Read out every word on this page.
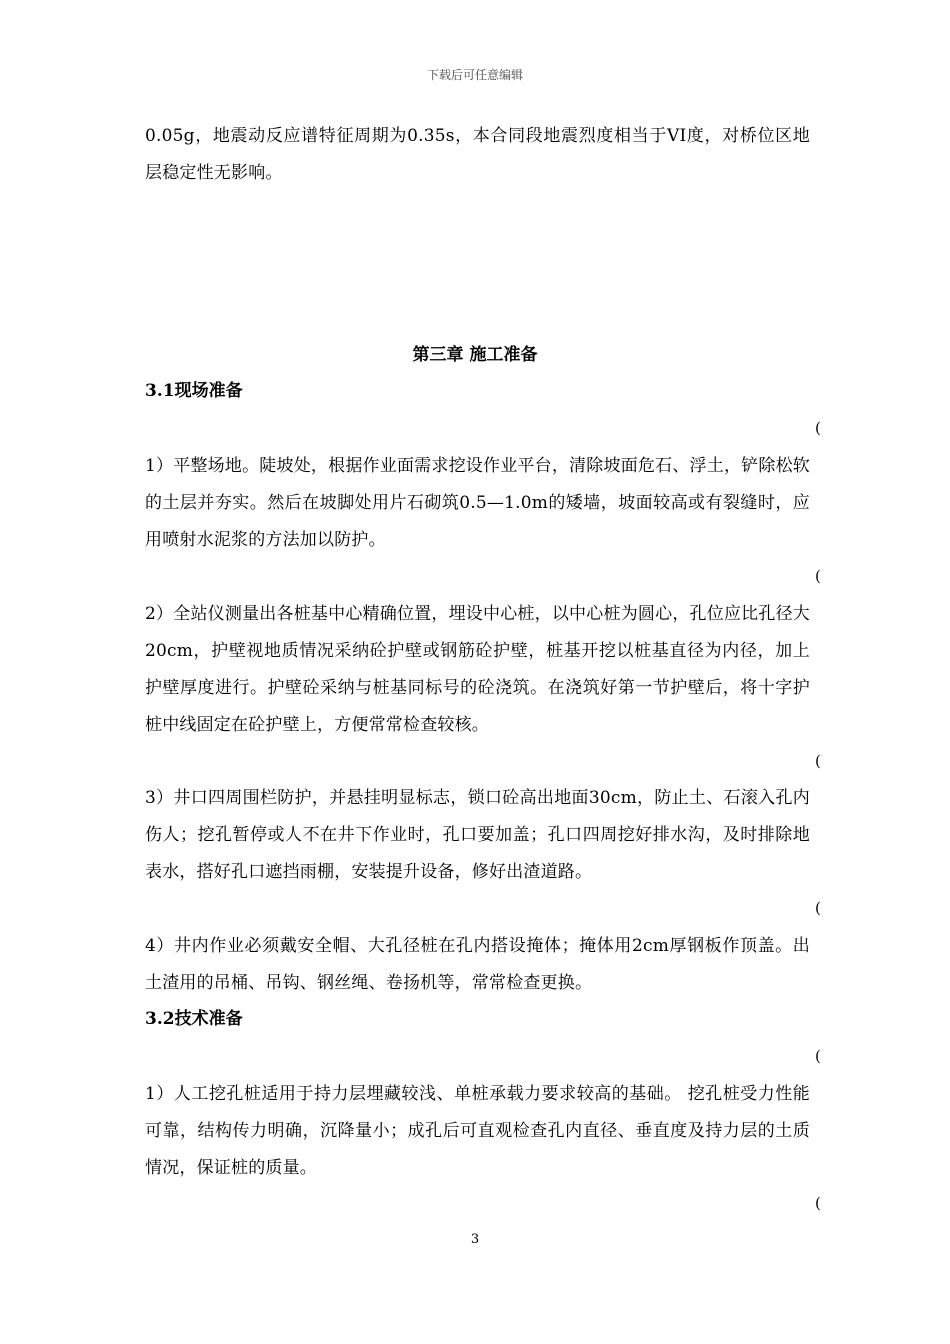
下载后可任意编辑

0.05g，地震动反应谱特征周期为0.35s，本合同段地震烈度相当于VI度，对桥位区地层稳定性无影响。

第三章 施工准备
3.1现场准备
(

1）平整场地。陡坡处，根据作业面需求挖设作业平台，清除坡面危石、浮土，铲除松软的土层并夯实。然后在坡脚处用片石砌筑0.5—1.0m的矮墙，坡面较高或有裂缝时，应用喷射水泥浆的方法加以防护。

(

2）全站仪测量出各桩基中心精确位置，埋设中心桩，以中心桩为圆心，孔位应比孔径大20cm，护壁视地质情况采纳砼护壁或钢筋砼护壁，桩基开挖以桩基直径为内径，加上护壁厚度进行。护壁砼采纳与桩基同标号的砼浇筑。在浇筑好第一节护壁后，将十字护桩中线固定在砼护壁上，方便常常检查较核。

(

3）井口四周围栏防护，并悬挂明显标志，锁口砼高出地面30cm，防止土、石滚入孔内伤人；挖孔暂停或人不在井下作业时，孔口要加盖；孔口四周挖好排水沟，及时排除地表水，搭好孔口遮挡雨棚，安装提升设备，修好出渣道路。

(

4）井内作业必须戴安全帽、大孔径桩在孔内搭设掩体；掩体用2cm厚钢板作顶盖。出土渣用的吊桶、吊钩、钢丝绳、卷扬机等，常常检查更换。

3.2技术准备
(

1）人工挖孔桩适用于持力层埋藏较浅、单桩承载力要求较高的基础。 挖孔桩受力性能可靠，结构传力明确，沉降量小；成孔后可直观检查孔内直径、垂直度及持力层的土质情况，保证桩的质量。

(
3
